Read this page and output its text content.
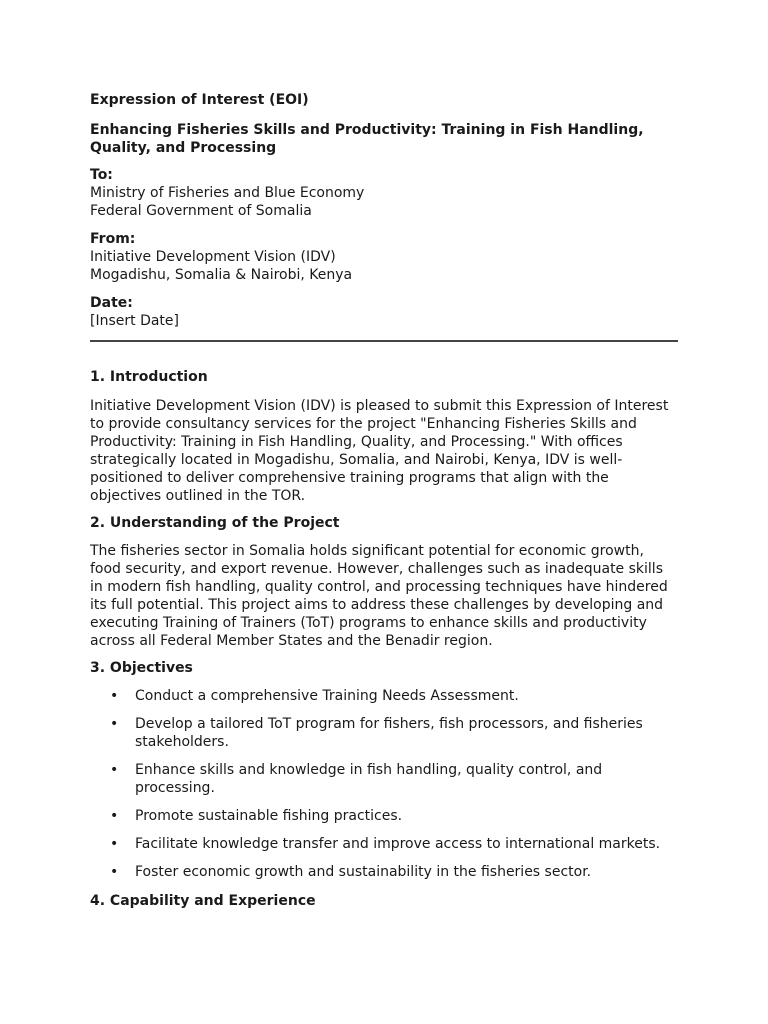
Expression of Interest (EOI)
Enhancing Fisheries Skills and Productivity: Training in Fish Handling, Quality, and Processing
To:
Ministry of Fisheries and Blue Economy
Federal Government of Somalia
From:
Initiative Development Vision (IDV)
Mogadishu, Somalia & Nairobi, Kenya
Date:
[Insert Date]
1. Introduction
Initiative Development Vision (IDV) is pleased to submit this Expression of Interest to provide consultancy services for the project "Enhancing Fisheries Skills and Productivity: Training in Fish Handling, Quality, and Processing." With offices strategically located in Mogadishu, Somalia, and Nairobi, Kenya, IDV is well-positioned to deliver comprehensive training programs that align with the objectives outlined in the TOR.
2. Understanding of the Project
The fisheries sector in Somalia holds significant potential for economic growth, food security, and export revenue. However, challenges such as inadequate skills in modern fish handling, quality control, and processing techniques have hindered its full potential. This project aims to address these challenges by developing and executing Training of Trainers (ToT) programs to enhance skills and productivity across all Federal Member States and the Benadir region.
3. Objectives
• Conduct a comprehensive Training Needs Assessment.
• Develop a tailored ToT program for fishers, fish processors, and fisheries stakeholders.
• Enhance skills and knowledge in fish handling, quality control, and processing.
• Promote sustainable fishing practices.
• Facilitate knowledge transfer and improve access to international markets.
• Foster economic growth and sustainability in the fisheries sector.
4. Capability and Experience
